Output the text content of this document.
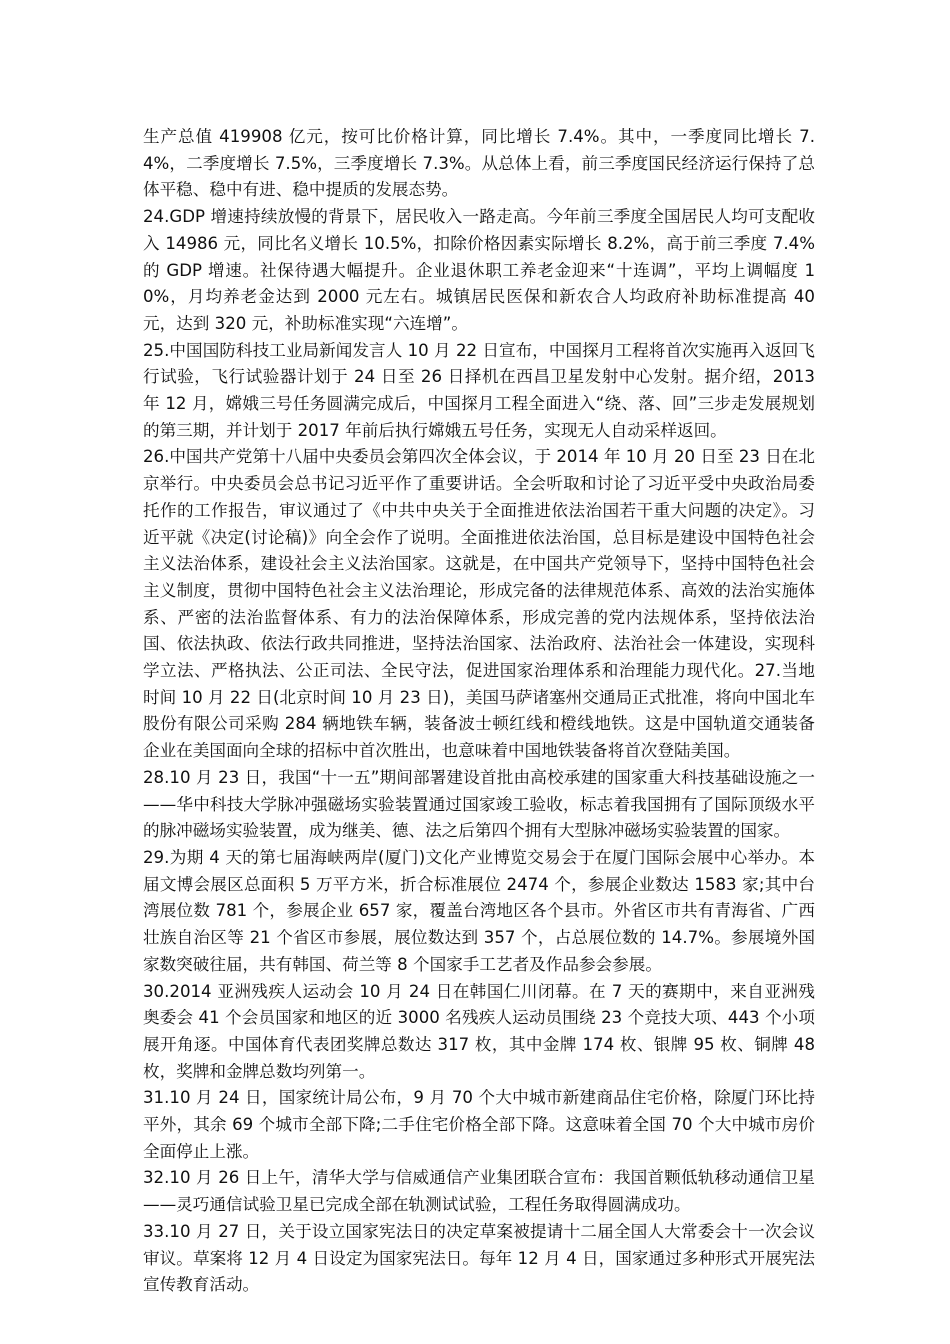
生产总值 419908 亿元，按可比价格计算，同比增长 7.4%。其中，一季度同比增长 7.4%，二季度增长 7.5%，三季度增长 7.3%。从总体上看，前三季度国民经济运行保持了总体平稳、稳中有进、稳中提质的发展态势。

24.GDP 增速持续放慢的背景下，居民收入一路走高。今年前三季度全国居民人均可支配收入 14986 元，同比名义增长 10.5%，扣除价格因素实际增长 8.2%，高于前三季度 7.4%的 GDP 增速。社保待遇大幅提升。企业退休职工养老金迎来“十连调”，平均上调幅度 10%，月均养老金达到 2000 元左右。城镇居民医保和新农合人均政府补助标准提高 40 元，达到 320 元，补助标准实现“六连增”。

25.中国国防科技工业局新闻发言人 10 月 22 日宣布，中国探月工程将首次实施再入返回飞行试验，飞行试验器计划于 24 日至 26 日择机在西昌卫星发射中心发射。据介绍，2013 年 12 月，嫦娥三号任务圆满完成后，中国探月工程全面进入“绕、落、回”三步走发展规划的第三期，并计划于 2017 年前后执行嫦娥五号任务，实现无人自动采样返回。

26.中国共产党第十八届中央委员会第四次全体会议，于 2014 年 10 月 20 日至 23 日在北京举行。中央委员会总书记习近平作了重要讲话。全会听取和讨论了习近平受中央政治局委托作的工作报告，审议通过了《中共中央关于全面推进依法治国若干重大问题的决定》。习近平就《决定(讨论稿)》向全会作了说明。全面推进依法治国，总目标是建设中国特色社会主义法治体系，建设社会主义法治国家。这就是，在中国共产党领导下，坚持中国特色社会主义制度，贯彻中国特色社会主义法治理论，形成完备的法律规范体系、高效的法治实施体系、严密的法治监督体系、有力的法治保障体系，形成完善的党内法规体系，坚持依法治国、依法执政、依法行政共同推进，坚持法治国家、法治政府、法治社会一体建设，实现科学立法、严格执法、公正司法、全民守法，促进国家治理体系和治理能力现代化。27.当地时间 10 月 22 日(北京时间 10 月 23 日)，美国马萨诸塞州交通局正式批准，将向中国北车股份有限公司采购 284 辆地铁车辆，装备波士顿红线和橙线地铁。这是中国轨道交通装备企业在美国面向全球的招标中首次胜出，也意味着中国地铁装备将首次登陆美国。

28.10 月 23 日，我国“十一五”期间部署建设首批由高校承建的国家重大科技基础设施之一——华中科技大学脉冲强磁场实验装置通过国家竣工验收，标志着我国拥有了国际顶级水平的脉冲磁场实验装置，成为继美、德、法之后第四个拥有大型脉冲磁场实验装置的国家。

29.为期 4 天的第七届海峡两岸(厦门)文化产业博览交易会于在厦门国际会展中心举办。本届文博会展区总面积 5 万平方米，折合标准展位 2474 个，参展企业数达 1583 家;其中台湾展位数 781 个，参展企业 657 家，覆盖台湾地区各个县市。外省区市共有青海省、广西壮族自治区等 21 个省区市参展，展位数达到 357 个，占总展位数的 14.7%。参展境外国家数突破往届，共有韩国、荷兰等 8 个国家手工艺者及作品参会参展。

30.2014 亚洲残疾人运动会 10 月 24 日在韩国仁川闭幕。在 7 天的赛期中，来自亚洲残奥委会 41 个会员国家和地区的近 3000 名残疾人运动员围绕 23 个竞技大项、443 个小项展开角逐。中国体育代表团奖牌总数达 317 枚，其中金牌 174 枚、银牌 95 枚、铜牌 48 枚，奖牌和金牌总数均列第一。

31.10 月 24 日，国家统计局公布，9 月 70 个大中城市新建商品住宅价格，除厦门环比持平外，其余 69 个城市全部下降;二手住宅价格全部下降。这意味着全国 70 个大中城市房价全面停止上涨。

32.10 月 26 日上午，清华大学与信威通信产业集团联合宣布：我国首颗低轨移动通信卫星——灵巧通信试验卫星已完成全部在轨测试试验，工程任务取得圆满成功。

33.10 月 27 日，关于设立国家宪法日的决定草案被提请十二届全国人大常委会十一次会议审议。草案将 12 月 4 日设定为国家宪法日。每年 12 月 4 日，国家通过多种形式开展宪法宣传教育活动。
